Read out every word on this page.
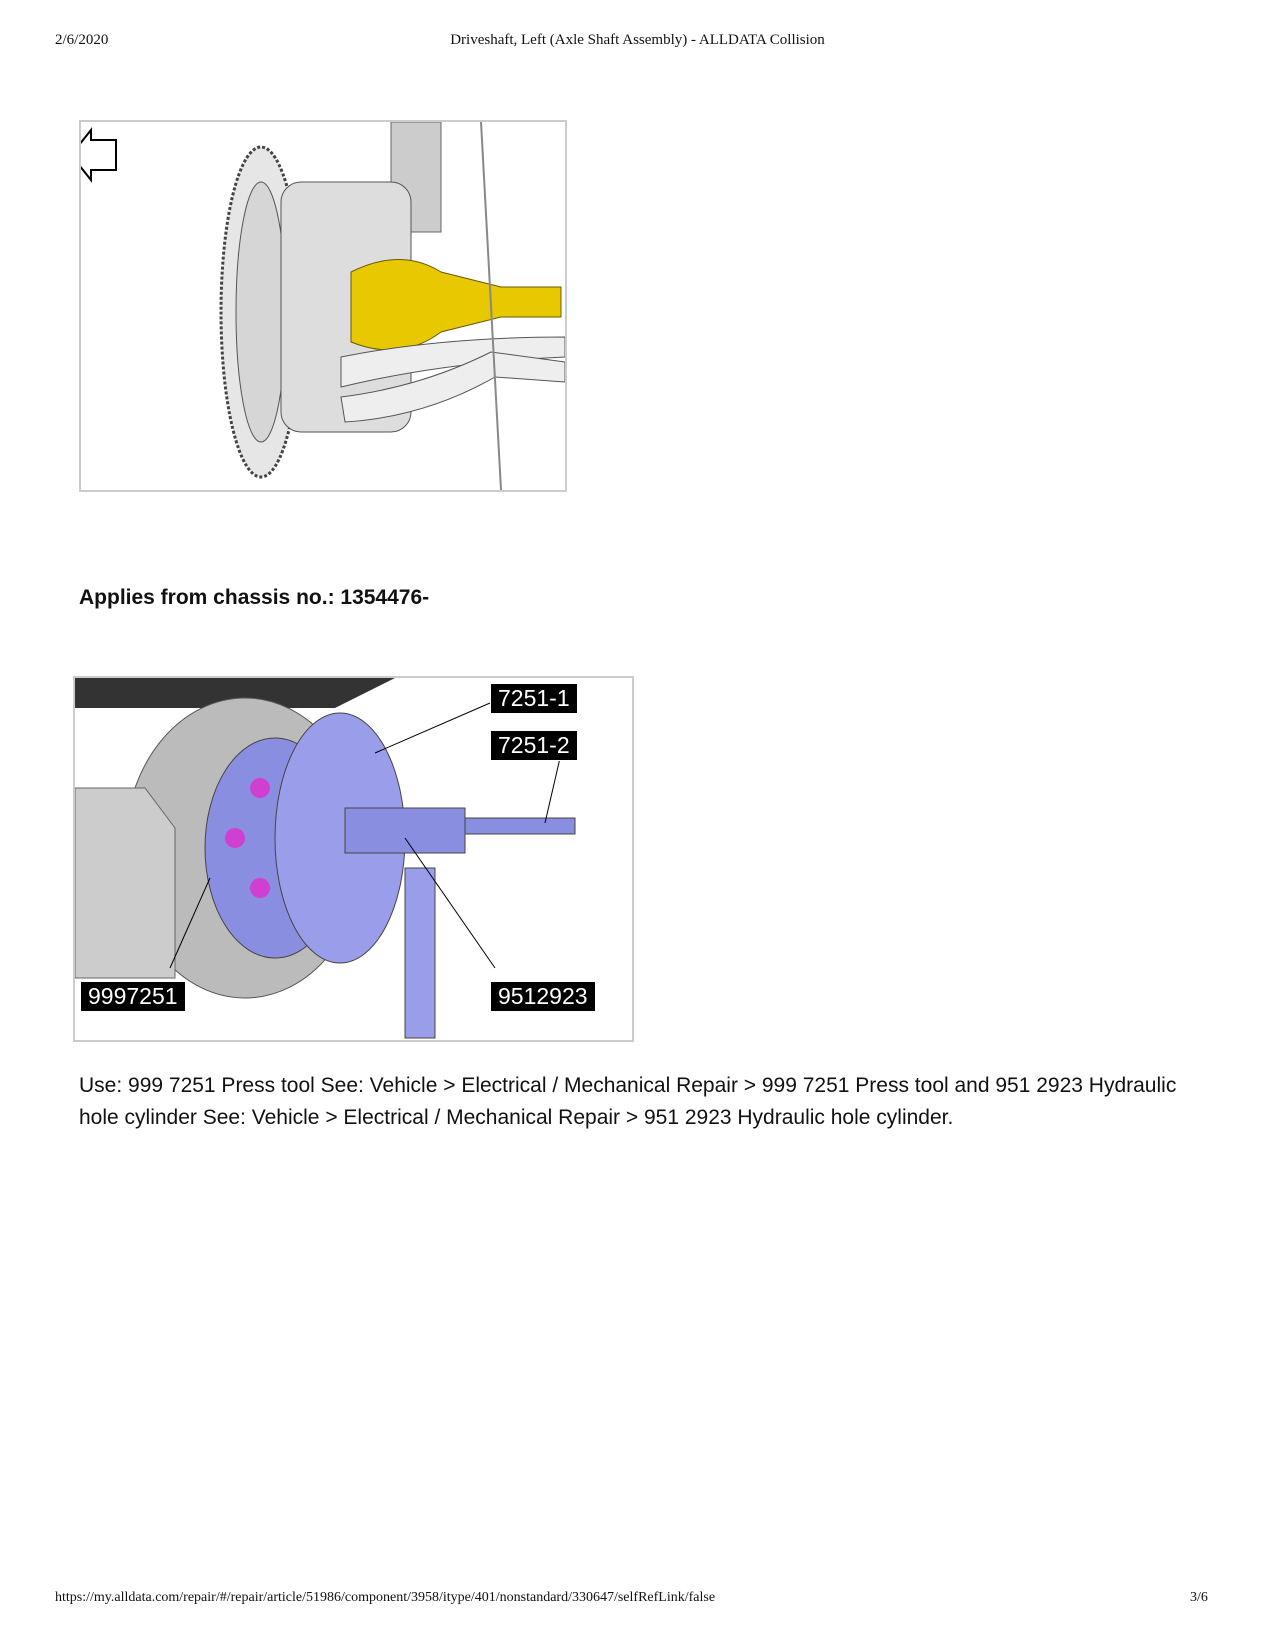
2/6/2020	Driveshaft, Left (Axle Shaft Assembly) - ALLDATA Collision
Applies from chassis no.: 1354476-
7251-1
7251-2
9997251	9512923
Use: 999 7251 Press tool See: Vehicle > Electrical / Mechanical Repair > 999 7251 Press tool and 951 2923 Hydraulic
hole cylinder See: Vehicle > Electrical / Mechanical Repair > 951 2923 Hydraulic hole cylinder.
https://my.alldata.com/repair/#/repair/article/51986/component/3958/itype/401/nonstandard/330647/selfRefLink/false	3/6
